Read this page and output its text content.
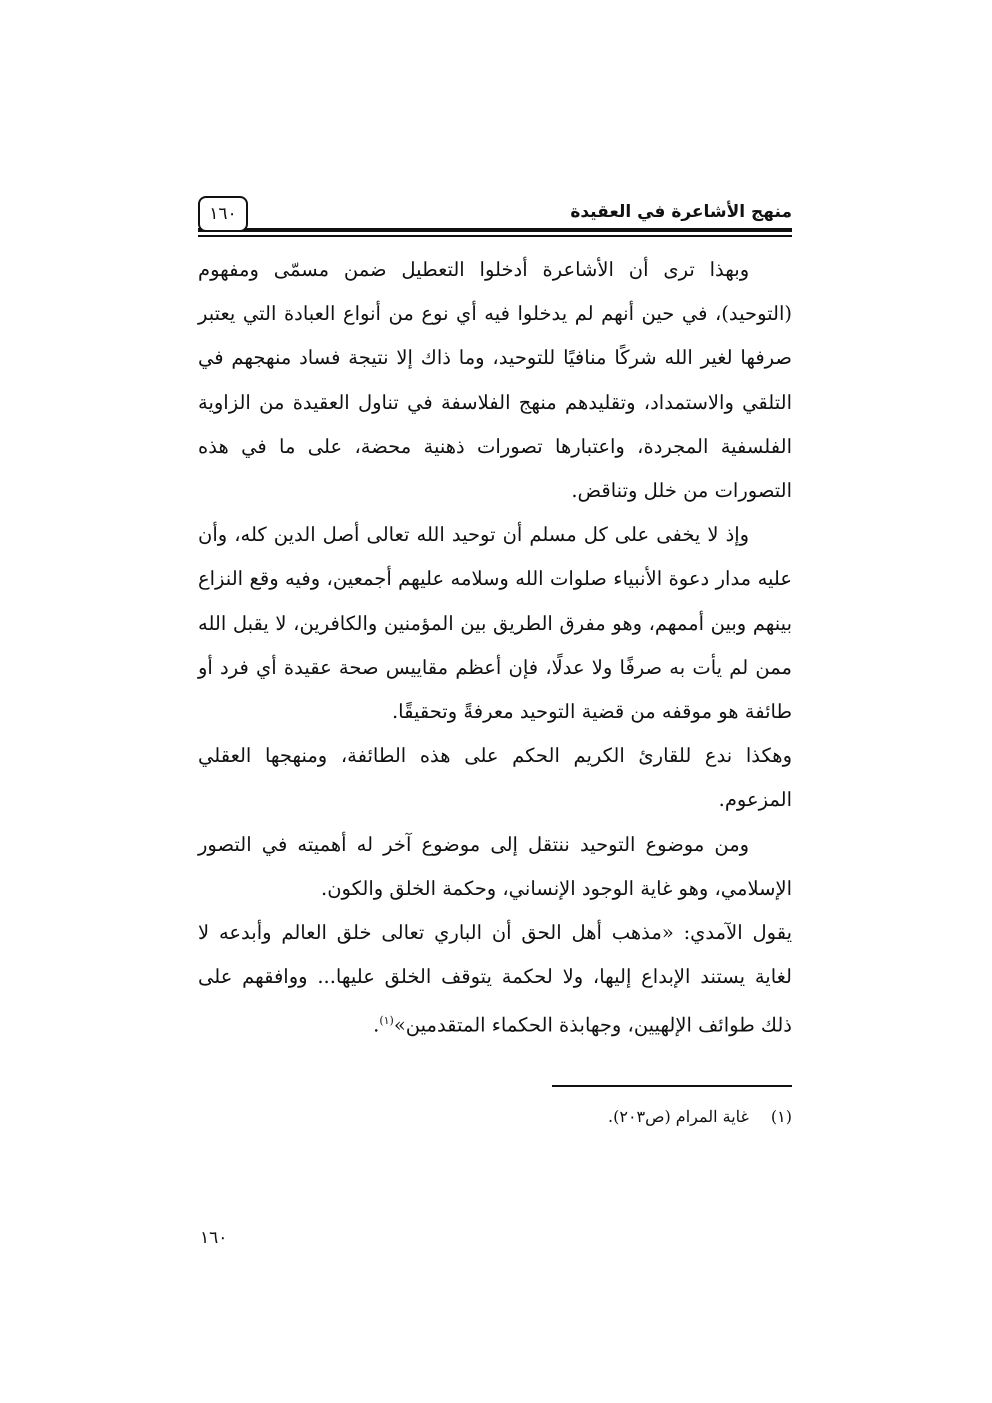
١٦٠	منهج الأشاعرة في العقيدة

وبهذا ترى أن الأشاعرة أدخلوا التعطيل ضمن مسمّى ومفهوم (التوحيد)، في حين أنهم لم يدخلوا فيه أي نوع من أنواع العبادة التي يعتبر صرفها لغير الله شركًا منافيًا للتوحيد، وما ذاك إلا نتيجة فساد منهجهم في التلقي والاستمداد، وتقليدهم منهج الفلاسفة في تناول العقيدة من الزاوية الفلسفية المجردة، واعتبارها تصورات ذهنية محضة، على ما في هذه التصورات من خلل وتناقض.

وإذ لا يخفى على كل مسلم أن توحيد الله تعالى أصل الدين كله، وأن عليه مدار دعوة الأنبياء صلوات الله وسلامه عليهم أجمعين، وفيه وقع النزاع بينهم وبين أممهم، وهو مفرق الطريق بين المؤمنين والكافرين، لا يقبل الله ممن لم يأت به صرفًا ولا عدلًا، فإن أعظم مقاييس صحة عقيدة أي فرد أو طائفة هو موقفه من قضية التوحيد معرفةً وتحقيقًا.

وهكذا ندع للقارئ الكريم الحكم على هذه الطائفة، ومنهجها العقلي المزعوم.

ومن موضوع التوحيد ننتقل إلى موضوع آخر له أهميته في التصور الإسلامي، وهو غاية الوجود الإنساني، وحكمة الخلق والكون.

يقول الآمدي: «مذهب أهل الحق أن الباري تعالى خلق العالم وأبدعه لا لغاية يستند الإبداع إليها، ولا لحكمة يتوقف الخلق عليها... ووافقهم على ذلك طوائف الإلهيين، وجهابذة الحكماء المتقدمين»$^{(١)}$.

(١)غاية المرام (ص٢٠٣).
١٦٠
